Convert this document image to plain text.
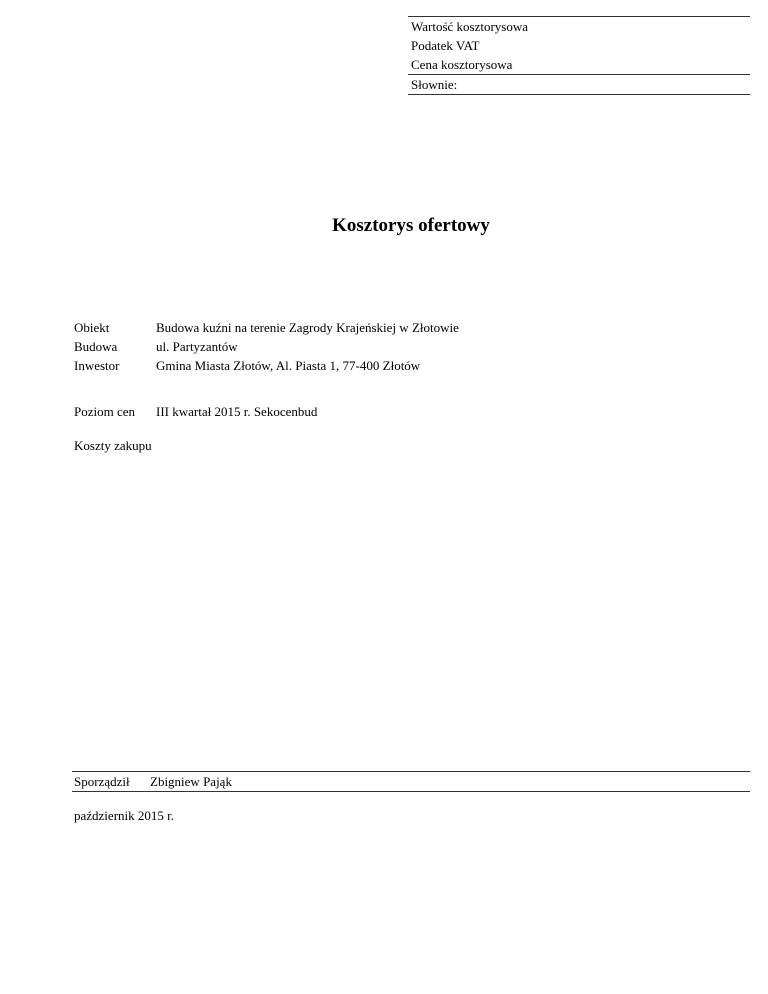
Wartość kosztorysowa
Podatek VAT
Cena kosztorysowa
Słownie:
Kosztorys ofertowy
Obiekt	Budowa kuźni na terenie Zagrody Krajeńskiej w Złotowie
Budowa	ul. Partyzantów
Inwestor	Gmina Miasta Złotów, Al. Piasta 1, 77-400 Złotów
Poziom cen III kwartał 2015 r. Sekocenbud
Koszty zakupu
Sporządził Zbigniew Pająk
październik 2015 r.
